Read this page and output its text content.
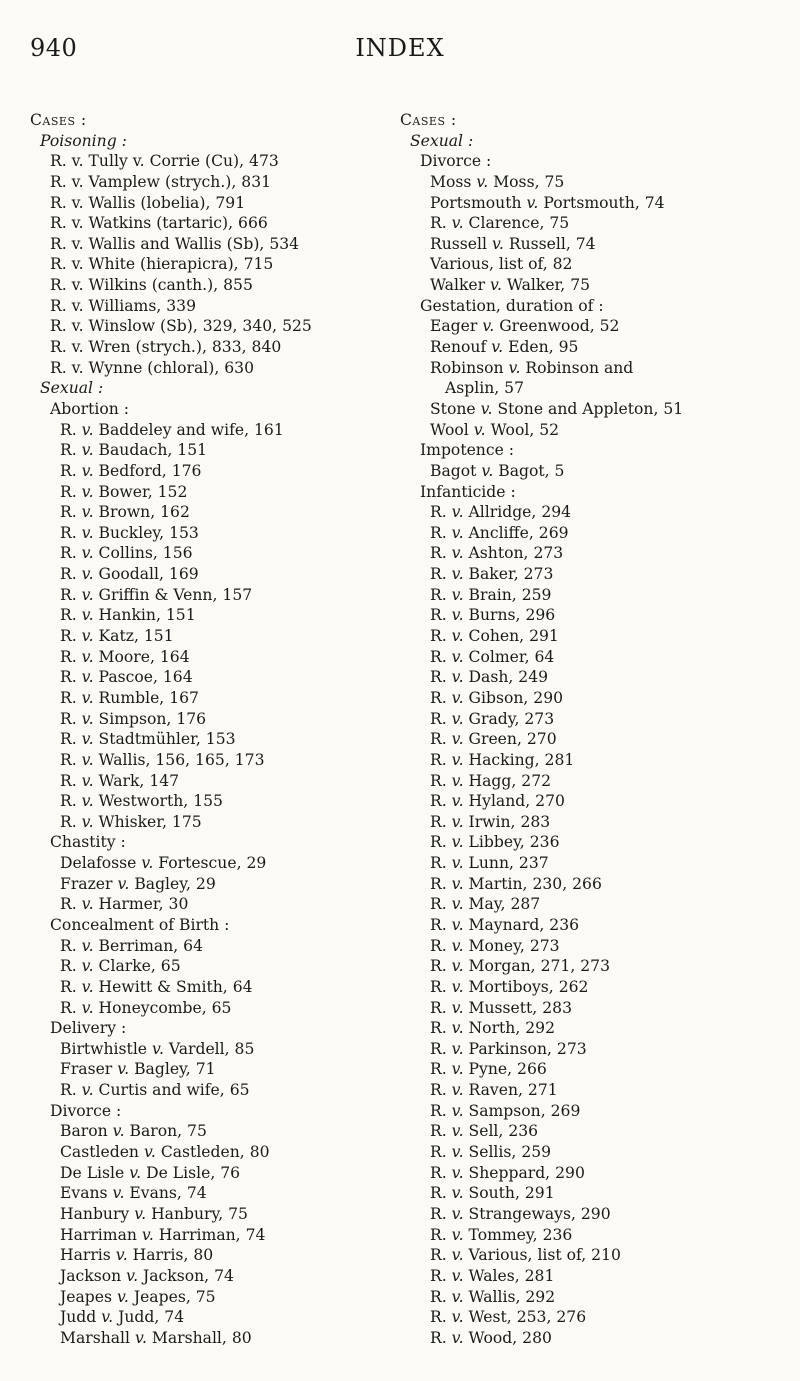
940	INDEX
Cases :
Poisoning :
R. v. Tully v. Corrie (Cu), 473
R. v. Vamplew (strych.), 831
R. v. Wallis (lobelia), 791
R. v. Watkins (tartaric), 666
R. v. Wallis and Wallis (Sb), 534
R. v. White (hierapicra), 715
R. v. Wilkins (canth.), 855
R. v. Williams, 339
R. v. Winslow (Sb), 329, 340, 525
R. v. Wren (strych.), 833, 840
R. v. Wynne (chloral), 630
Sexual :
Abortion :
R. v. Baddeley and wife, 161
R. v. Baudach, 151
R. v. Bedford, 176
R. v. Bower, 152
R. v. Brown, 162
R. v. Buckley, 153
R. v. Collins, 156
R. v. Goodall, 169
R. v. Griffin & Venn, 157
R. v. Hankin, 151
R. v. Katz, 151
R. v. Moore, 164
R. v. Pascoe, 164
R. v. Rumble, 167
R. v. Simpson, 176
R. v. Stadtmühler, 153
R. v. Wallis, 156, 165, 173
R. v. Wark, 147
R. v. Westworth, 155
R. v. Whisker, 175
Chastity :
Delafosse v. Fortescue, 29
Frazer v. Bagley, 29
R. v. Harmer, 30
Concealment of Birth :
R. v. Berriman, 64
R. v. Clarke, 65
R. v. Hewitt & Smith, 64
R. v. Honeycombe, 65
Delivery :
Birtwhistle v. Vardell, 85
Fraser v. Bagley, 71
R. v. Curtis and wife, 65
Divorce :
Baron v. Baron, 75
Castleden v. Castleden, 80
De Lisle v. De Lisle, 76
Evans v. Evans, 74
Hanbury v. Hanbury, 75
Harriman v. Harriman, 74
Harris v. Harris, 80
Jackson v. Jackson, 74
Jeapes v. Jeapes, 75
Judd v. Judd, 74
Marshall v. Marshall, 80
Cases :
Sexual :
Divorce :
Moss v. Moss, 75
Portsmouth v. Portsmouth, 74
R. v. Clarence, 75
Russell v. Russell, 74
Various, list of, 82
Walker v. Walker, 75
Gestation, duration of :
Eager v. Greenwood, 52
Renouf v. Eden, 95
Robinson v. Robinson and
Asplin, 57
Stone v. Stone and Appleton, 51
Wool v. Wool, 52
Impotence :
Bagot v. Bagot, 5
Infanticide :
R. v. Allridge, 294
R. v. Ancliffe, 269
R. v. Ashton, 273
R. v. Baker, 273
R. v. Brain, 259
R. v. Burns, 296
R. v. Cohen, 291
R. v. Colmer, 64
R. v. Dash, 249
R. v. Gibson, 290
R. v. Grady, 273
R. v. Green, 270
R. v. Hacking, 281
R. v. Hagg, 272
R. v. Hyland, 270
R. v. Irwin, 283
R. v. Libbey, 236
R. v. Lunn, 237
R. v. Martin, 230, 266
R. v. May, 287
R. v. Maynard, 236
R. v. Money, 273
R. v. Morgan, 271, 273
R. v. Mortiboys, 262
R. v. Mussett, 283
R. v. North, 292
R. v. Parkinson, 273
R. v. Pyne, 266
R. v. Raven, 271
R. v. Sampson, 269
R. v. Sell, 236
R. v. Sellis, 259
R. v. Sheppard, 290
R. v. South, 291
R. v. Strangeways, 290
R. v. Tommey, 236
R. v. Various, list of, 210
R. v. Wales, 281
R. v. Wallis, 292
R. v. West, 253, 276
R. v. Wood, 280
